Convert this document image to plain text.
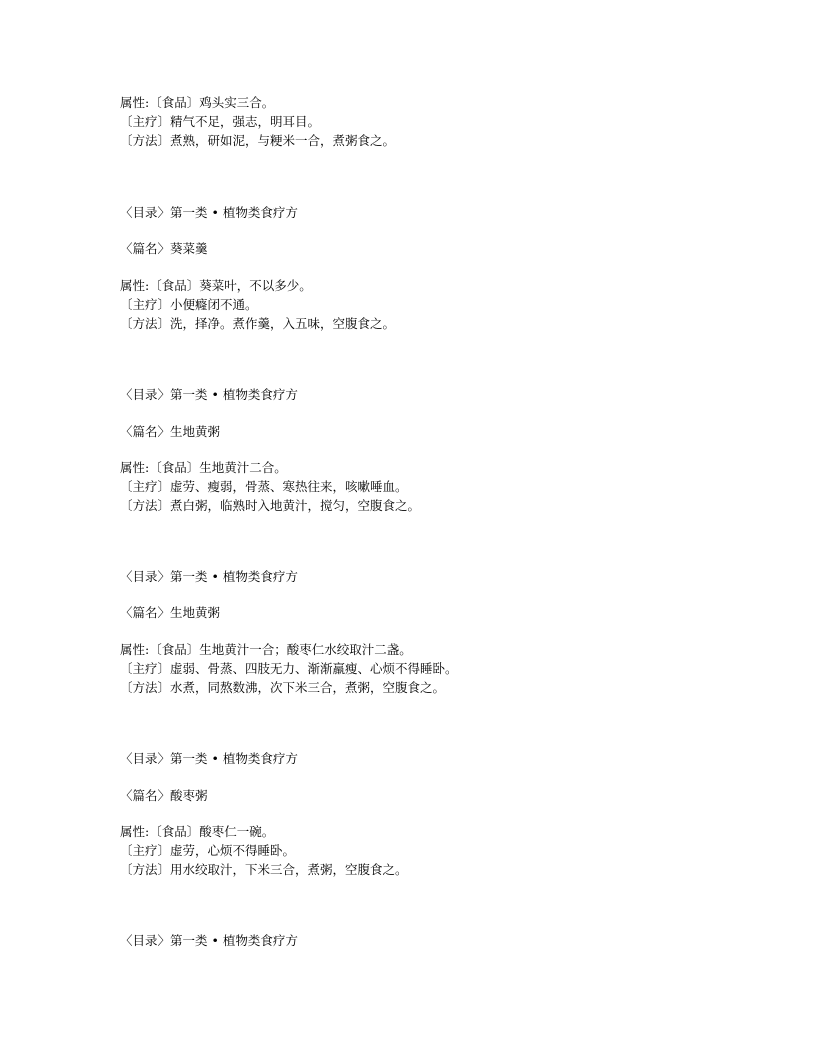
属性:〔食品〕鸡头实三合。
〔主疗〕精气不足，强志，明耳目。
〔方法〕煮熟，研如泥，与粳米一合，煮粥食之。
〈目录〉第一类 • 植物类食疗方
〈篇名〉葵菜羹
属性:〔食品〕葵菜叶，不以多少。
〔主疗〕小便癃闭不通。
〔方法〕洗，择净。煮作羹，入五味，空腹食之。
〈目录〉第一类 • 植物类食疗方
〈篇名〉生地黄粥
属性:〔食品〕生地黄汁二合。
〔主疗〕虚劳、瘦弱，骨蒸、寒热往来，咳嗽唾血。
〔方法〕煮白粥，临熟时入地黄汁，搅匀，空腹食之。
〈目录〉第一类 • 植物类食疗方
〈篇名〉生地黄粥
属性:〔食品〕生地黄汁一合；酸枣仁水绞取汁二盏。
〔主疗〕虚弱、骨蒸、四肢无力、渐渐羸瘦、心烦不得睡卧。
〔方法〕水煮，同熬数沸，次下米三合，煮粥，空腹食之。
〈目录〉第一类 • 植物类食疗方
〈篇名〉酸枣粥
属性:〔食品〕酸枣仁一碗。
〔主疗〕虚劳，心烦不得睡卧。
〔方法〕用水绞取汁，下米三合，煮粥，空腹食之。
〈目录〉第一类 • 植物类食疗方
